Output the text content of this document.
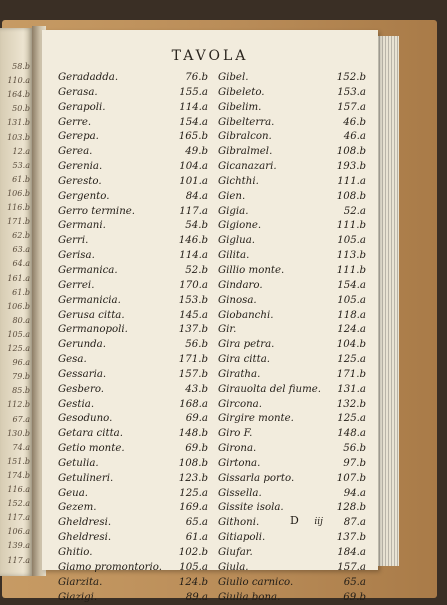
58.b
110.a
164.b
50.b
131.b
103.b
12.a
53.a
61.b
106.b
116.b
171.b
62.b
63.a
64.a
161.a
61.b
106.b
80.a
105.a
125.a
96.a
79.b
85.b
112.b
67.a
130.b
74.a
151.b
174.b
116.a
152.a
117.a
106.a
139.a
117.a
TAVOLA
Geradadda.	76.b
Gerasa.	155.a
Gerapoli.	114.a
Gerre.	154.a
Gerepa.	165.b
Gerea.	49.b
Gerenia.	104.a
Geresto.	101.a
Gergento.	84.a
Gerro termine.	117.a
Germani.	54.b
Gerri.	146.b
Gerisa.	114.a
Germanica.	52.b
Gerrei.	170.a
Germanicia.	153.b
Gerusa citta.	145.a
Germanopoli.	137.b
Gerunda.	56.b
Gesa.	171.b
Gessaria.	157.b
Gesbero.	43.b
Gestia.	168.a
Gesoduno.	69.a
Getara citta.	148.b
Getio monte.	69.b
Getulia.	108.b
Getulineri.	123.b
Geua.	125.a
Gezem.	169.a
Gheldresi.	65.a
Gheldresi.	61.a
Ghitio.	102.b
Giamo promontorio. 105.a
Giarzita.	124.b
Giazigi.	89.a
Gibel.	152.b
Gibeleto.	153.a
Gibelim.	157.a
Gibelterra.	46.b
Gibralcon.	46.a
Gibralmel.	108.b
Gicanazari.	193.b
Gichthi.	111.a
Gien.	108.b
Gigia.	52.a
Gigione.	111.b
Giglua.	105.a
Gilita.	113.b
Gillio monte.	111.b
Gindaro.	154.a
Ginosa.	105.a
Giobanchi.	118.a
Gir.	124.a
Gira petra.	104.b
Gira citta.	125.a
Giratha.	171.b
Girauolta del fiume. 131.a
Gircona.	132.b
Girgire monte.	125.a
Giro F.	148.a
Girona.	56.b
Girtona.	97.b
Gissarla porto.	107.b
Gissella.	94.a
Gissite isola.	128.b
Githoni.	87.a
Gitiapoli.	137.b
Giufar.	184.a
Giula.	157.a
Giulio carnico.	65.a
Giulia bona.	69.b
D iij
